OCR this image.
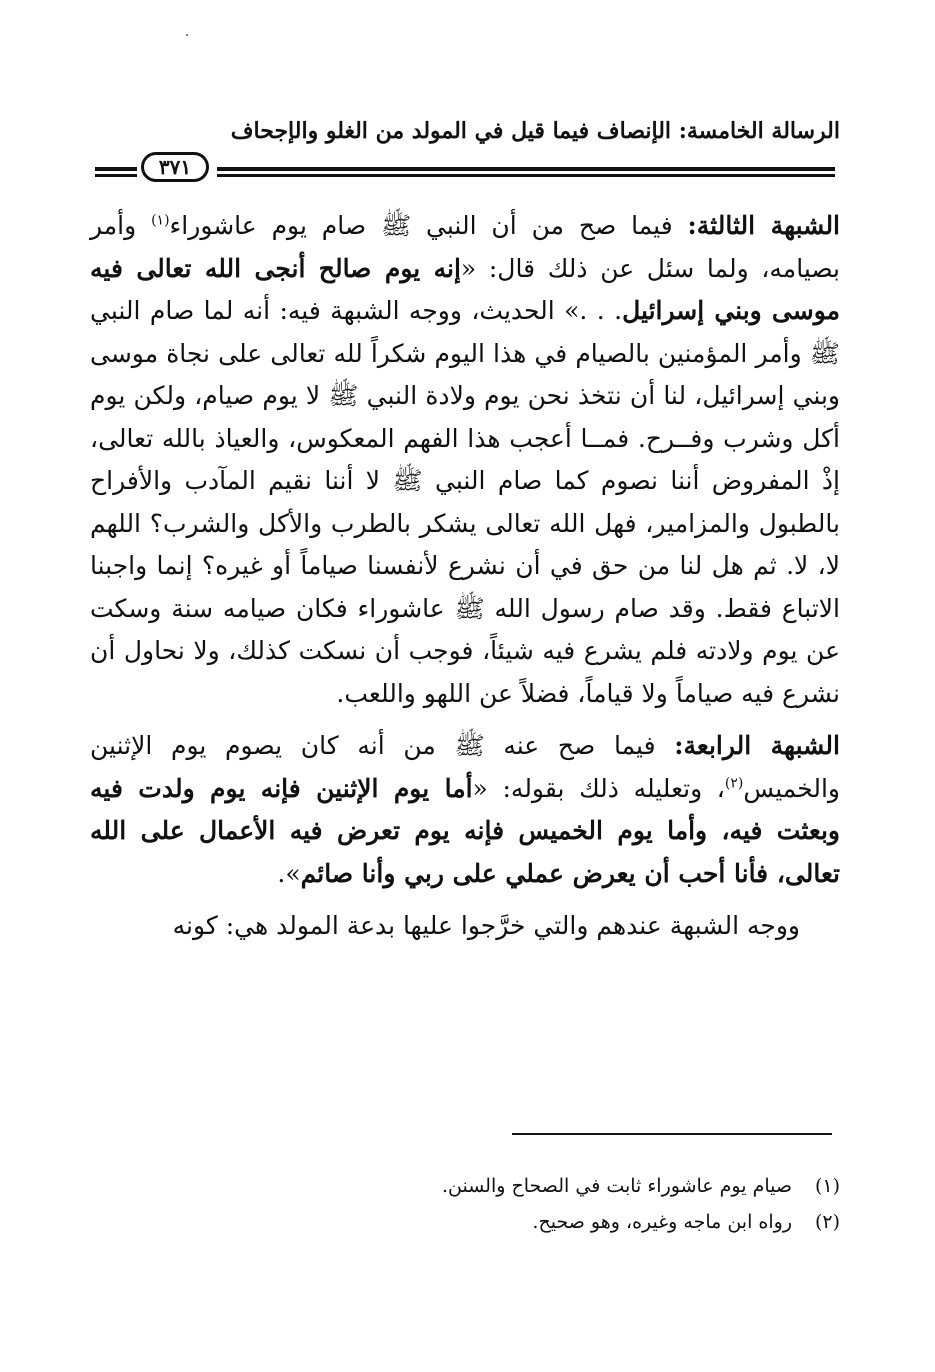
الرسالة الخامسة: الإنصاف فيما قيل في المولد من الغلو والإجحاف
٣٧١

الشبهة الثالثة: فيما صح من أن النبي ﷺ صام يوم عاشوراء$^{(١)}$ وأمر بصيامه، ولما سئل عن ذلك قال: «إنه يوم صالح أنجى الله تعالى فيه موسى وبني إسرائيل. . .» الحديث، ووجه الشبهة فيه: أنه لما صام النبي ﷺ وأمر المؤمنين بالصيام في هذا اليوم شكراً لله تعالى على نجاة موسى وبني إسرائيل، لنا أن نتخذ نحن يوم ولادة النبي ﷺ لا يوم صيام، ولكن يوم أكل وشرب وفــرح. فمــا أعجب هذا الفهم المعكوس، والعياذ بالله تعالى، إذْ المفروض أننا نصوم كما صام النبي ﷺ لا أننا نقيم المآدب والأفراح بالطبول والمزامير، فهل الله تعالى يشكر بالطرب والأكل والشرب؟ اللهم لا، لا. ثم هل لنا من حق في أن نشرع لأنفسنا صياماً أو غيره؟ إنما واجبنا الاتباع فقط. وقد صام رسول الله ﷺ عاشوراء فكان صيامه سنة وسكت عن يوم ولادته فلم يشرع فيه شيئاً، فوجب أن نسكت كذلك، ولا نحاول أن نشرع فيه صياماً ولا قياماً، فضلاً عن اللهو واللعب.

الشبهة الرابعة: فيما صح عنه ﷺ من أنه كان يصوم يوم الإثنين والخميس$^{(٢)}$، وتعليله ذلك بقوله: «أما يوم الإثنين فإنه يوم ولدت فيه وبعثت فيه، وأما يوم الخميس فإنه يوم تعرض فيه الأعمال على الله تعالى، فأنا أحب أن يعرض عملي على ربي وأنا صائم».

ووجه الشبهة عندهم والتي خرَّجوا عليها بدعة المولد هي: كونه

(١)
صيام يوم عاشوراء ثابت في الصحاح والسنن.
(٢)
رواه ابن ماجه وغيره، وهو صحيح.
